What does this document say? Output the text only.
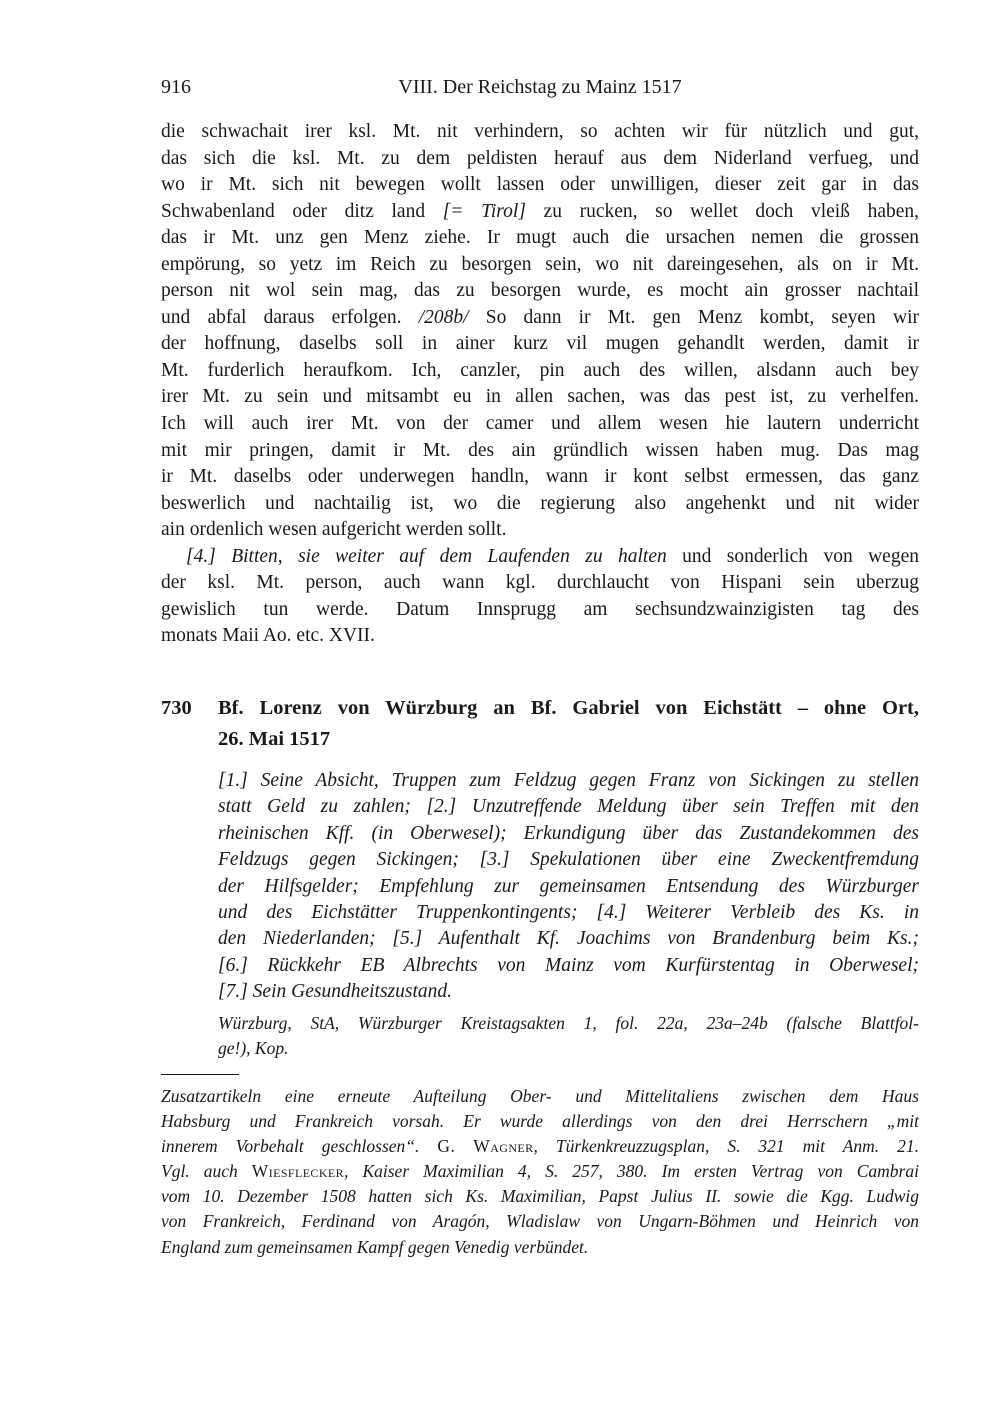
916	VIII. Der Reichstag zu Mainz 1517
die schwachait irer ksl. Mt. nit verhindern, so achten wir für nützlich und gut,
das sich die ksl. Mt. zu dem peldisten herauf aus dem Niderland verfueg, und
wo ir Mt. sich nit bewegen wollt lassen oder unwilligen, dieser zeit gar in das
Schwabenland oder ditz land [= Tirol] zu rucken, so wellet doch vleiß haben,
das ir Mt. unz gen Menz ziehe. Ir mugt auch die ursachen nemen die grossen
empörung, so yetz im Reich zu besorgen sein, wo nit dareingesehen, als on ir Mt.
person nit wol sein mag, das zu besorgen wurde, es mocht ain grosser nachtail
und abfal daraus erfolgen. /208b/ So dann ir Mt. gen Menz kombt, seyen wir
der hoffnung, daselbs soll in ainer kurz vil mugen gehandlt werden, damit ir
Mt. furderlich heraufkom. Ich, canzler, pin auch des willen, alsdann auch bey
irer Mt. zu sein und mitsambt eu in allen sachen, was das pest ist, zu verhelfen.
Ich will auch irer Mt. von der camer und allem wesen hie lautern underricht
mit mir pringen, damit ir Mt. des ain gründlich wissen haben mug. Das mag
ir Mt. daselbs oder underwegen handln, wann ir kont selbst ermessen, das ganz
beswerlich und nachtailig ist, wo die regierung also angehenkt und nit wider
ain ordenlich wesen aufgericht werden sollt.
[4.] Bitten, sie weiter auf dem Laufenden zu halten und sonderlich von wegen
der ksl. Mt. person, auch wann kgl. durchlaucht von Hispani sein uberzug
gewislich tun werde. Datum Innsprugg am sechsundzwainzigisten tag des
monats Maii Ao. etc. XVII.
730	Bf. Lorenz von Würzburg an Bf. Gabriel von Eichstätt – ohne Ort,
26. Mai 1517
[1.] Seine Absicht, Truppen zum Feldzug gegen Franz von Sickingen zu stellen
statt Geld zu zahlen; [2.] Unzutreffende Meldung über sein Treffen mit den
rheinischen Kff. (in Oberwesel); Erkundigung über das Zustandekommen des
Feldzugs gegen Sickingen; [3.] Spekulationen über eine Zweckentfremdung
der Hilfsgelder; Empfehlung zur gemeinsamen Entsendung des Würzburger
und des Eichstätter Truppenkontingents; [4.] Weiterer Verbleib des Ks. in
den Niederlanden; [5.] Aufenthalt Kf. Joachims von Brandenburg beim Ks.;
[6.] Rückkehr EB Albrechts von Mainz vom Kurfürstentag in Oberwesel;
[7.] Sein Gesundheitszustand.
Würzburg, StA, Würzburger Kreistagsakten 1, fol. 22a, 23a–24b (falsche Blattfol-
ge!), Kop.
Zusatzartikeln eine erneute Aufteilung Ober- und Mittelitaliens zwischen dem Haus
Habsburg und Frankreich vorsah. Er wurde allerdings von den drei Herrschern „mit
innerem Vorbehalt geschlossen“. G. Wagner, Türkenkreuzzugsplan, S. 321 mit Anm. 21.
Vgl. auch Wiesflecker, Kaiser Maximilian 4, S. 257, 380. Im ersten Vertrag von Cambrai
vom 10. Dezember 1508 hatten sich Ks. Maximilian, Papst Julius II. sowie die Kgg. Ludwig
von Frankreich, Ferdinand von Aragón, Wladislaw von Ungarn-Böhmen und Heinrich von
England zum gemeinsamen Kampf gegen Venedig verbündet.
